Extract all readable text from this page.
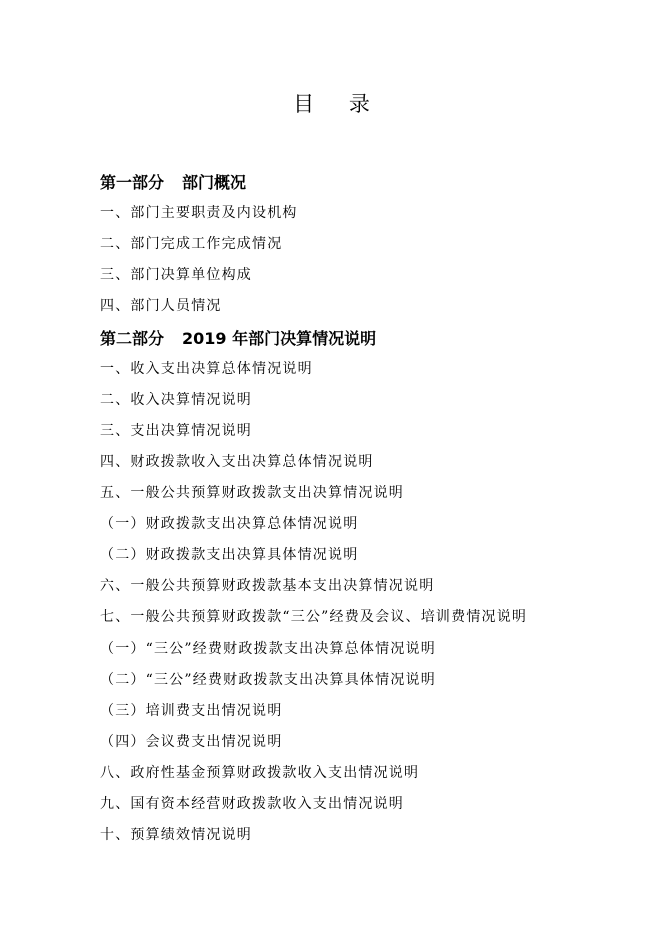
目 录
第一部分 部门概况
一、部门主要职责及内设机构
二、部门完成工作完成情况
三、部门决算单位构成
四、部门人员情况
第二部分 2019 年部门决算情况说明
一、收入支出决算总体情况说明
二、收入决算情况说明
三、支出决算情况说明
四、财政拨款收入支出决算总体情况说明
五、一般公共预算财政拨款支出决算情况说明
（一）财政拨款支出决算总体情况说明
（二）财政拨款支出决算具体情况说明
六、一般公共预算财政拨款基本支出决算情况说明
七、一般公共预算财政拨款“三公”经费及会议、培训费情况说明
（一）“三公”经费财政拨款支出决算总体情况说明
（二）“三公”经费财政拨款支出决算具体情况说明
（三）培训费支出情况说明
（四）会议费支出情况说明
八、政府性基金预算财政拨款收入支出情况说明
九、国有资本经营财政拨款收入支出情况说明
十、预算绩效情况说明
